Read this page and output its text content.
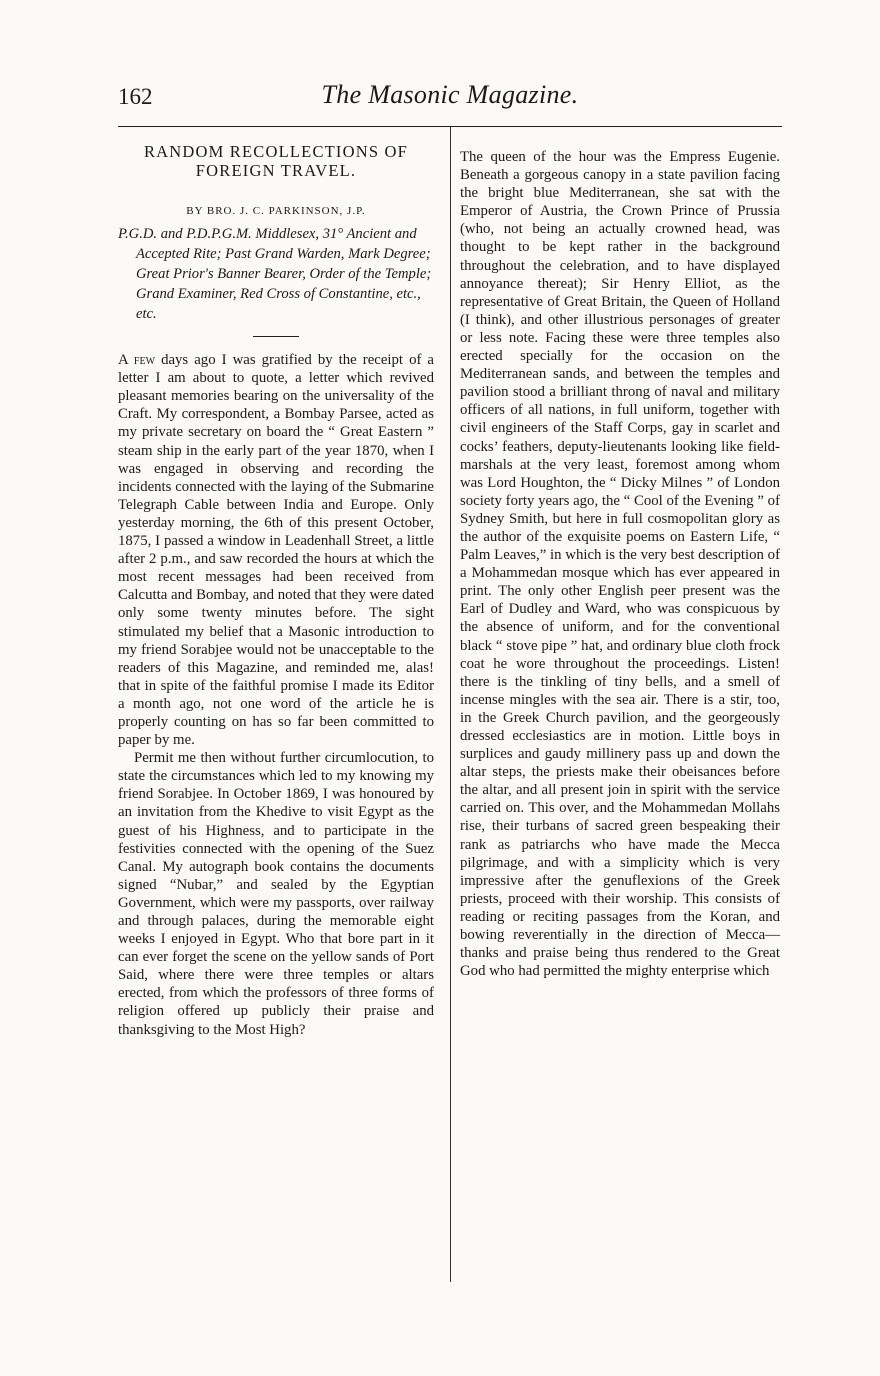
162	The Masonic Magazine.
RANDOM RECOLLECTIONS OF FOREIGN TRAVEL.
BY BRO. J. C. PARKINSON, J.P.

P.G.D. and P.D.P.G.M. Middlesex, 31° Ancient and Accepted Rite; Past Grand Warden, Mark Degree; Great Prior's Banner Bearer, Order of the Temple; Grand Examiner, Red Cross of Constantine, etc., etc.

A few days ago I was gratified by the receipt of a letter I am about to quote, a letter which revived pleasant memories bearing on the universality of the Craft. My correspondent, a Bombay Parsee, acted as my private secretary on board the “ Great Eastern ” steam ship in the early part of the year 1870, when I was engaged in observing and recording the incidents connected with the laying of the Submarine Telegraph Cable between India and Europe. Only yesterday morning, the 6th of this present October, 1875, I passed a window in Leadenhall Street, a little after 2 p.m., and saw recorded the hours at which the most recent messages had been received from Calcutta and Bombay, and noted that they were dated only some twenty minutes before. The sight stimulated my belief that a Masonic introduction to my friend Sorabjee would not be unacceptable to the readers of this Magazine, and reminded me, alas! that in spite of the faithful promise I made its Editor a month ago, not one word of the article he is properly counting on has so far been committed to paper by me.

Permit me then without further circumlocution, to state the circumstances which led to my knowing my friend Sorabjee. In October 1869, I was honoured by an invitation from the Khedive to visit Egypt as the guest of his Highness, and to participate in the festivities connected with the opening of the Suez Canal. My autograph book contains the documents signed “Nubar,” and sealed by the Egyptian Government, which were my passports, over railway and through palaces, during the memorable eight weeks I enjoyed in Egypt. Who that bore part in it can ever forget the scene on the yellow sands of Port Said, where there were three temples or altars erected, from which the professors of three forms of religion offered up publicly their praise and thanksgiving to the Most High?

The queen of the hour was the Empress Eugenie. Beneath a gorgeous canopy in a state pavilion facing the bright blue Mediterranean, she sat with the Emperor of Austria, the Crown Prince of Prussia (who, not being an actually crowned head, was thought to be kept rather in the background throughout the celebration, and to have displayed annoyance thereat); Sir Henry Elliot, as the representative of Great Britain, the Queen of Holland (I think), and other illustrious personages of greater or less note. Facing these were three temples also erected specially for the occasion on the Mediterranean sands, and between the temples and pavilion stood a brilliant throng of naval and military officers of all nations, in full uniform, together with civil engineers of the Staff Corps, gay in scarlet and cocks’ feathers, deputy-lieutenants looking like field-marshals at the very least, foremost among whom was Lord Houghton, the “ Dicky Milnes ” of London society forty years ago, the “ Cool of the Evening ” of Sydney Smith, but here in full cosmopolitan glory as the author of the exquisite poems on Eastern Life, “ Palm Leaves,” in which is the very best description of a Mohammedan mosque which has ever appeared in print. The only other English peer present was the Earl of Dudley and Ward, who was conspicuous by the absence of uniform, and for the conventional black “ stove pipe ” hat, and ordinary blue cloth frock coat he wore throughout the proceedings. Listen! there is the tinkling of tiny bells, and a smell of incense mingles with the sea air. There is a stir, too, in the Greek Church pavilion, and the georgeously dressed ecclesiastics are in motion. Little boys in surplices and gaudy millinery pass up and down the altar steps, the priests make their obeisances before the altar, and all present join in spirit with the service carried on. This over, and the Mohammedan Mollahs rise, their turbans of sacred green bespeaking their rank as patriarchs who have made the Mecca pilgrimage, and with a simplicity which is very impressive after the genuflexions of the Greek priests, proceed with their worship. This consists of reading or reciting passages from the Koran, and bowing reverentially in the direction of Mecca—thanks and praise being thus rendered to the Great God who had permitted the mighty enterprise which
